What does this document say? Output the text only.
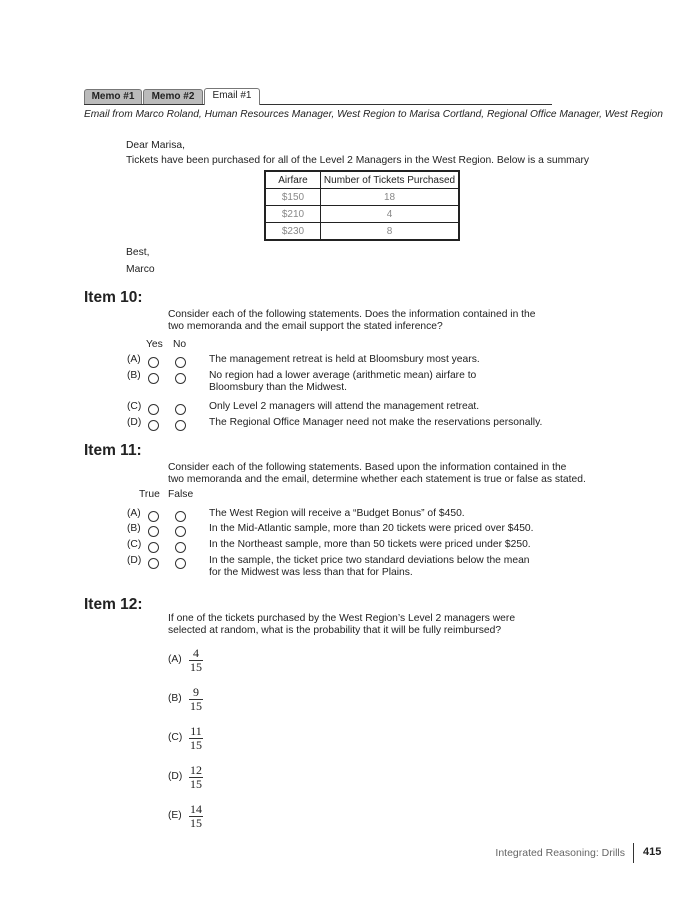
Memo #1	Memo #2	Email #1
Email from Marco Roland, Human Resources Manager, West Region to Marisa Cortland, Regional Office Manager, West Region
Dear Marisa,
Tickets have been purchased for all of the Level 2 Managers in the West Region. Below is a summary
Airfare	Number of Tickets Purchased
$150	18
$210	4
$230	8
Best,
Marco
Item 10:
Consider each of the following statements. Does the information contained in the
two memoranda and the email support the stated inference?
Yes No
(A)	The management retreat is held at Bloomsbury most years.
(B)	No region had a lower average (arithmetic mean) airfare to
Bloomsbury than the Midwest.
(C)	Only Level 2 managers will attend the management retreat.
(D)	The Regional Office Manager need not make the reservations personally.
Item 11:
Consider each of the following statements. Based upon the information contained in the
two memoranda and the email, determine whether each statement is true or false as stated.
True False
(A)	The West Region will receive a “Budget Bonus” of $450.
(B)	In the Mid-Atlantic sample, more than 20 tickets were priced over $450.
(C)	In the Northeast sample, more than 50 tickets were priced under $250.
(D)	In the sample, the ticket price two standard deviations below the mean
for the Midwest was less than that for Plains.
Item 12:
If one of the tickets purchased by the West Region’s Level 2 managers were
selected at random, what is the probability that it will be fully reimbursed?
$(A) \frac{4}{15}$
$(B) \frac{9}{15}$
$(C) \frac{11}{15}$
$(D) \frac{12}{15}$
$(E) \frac{14}{15}$
Integrated Reasoning: Drills 415
